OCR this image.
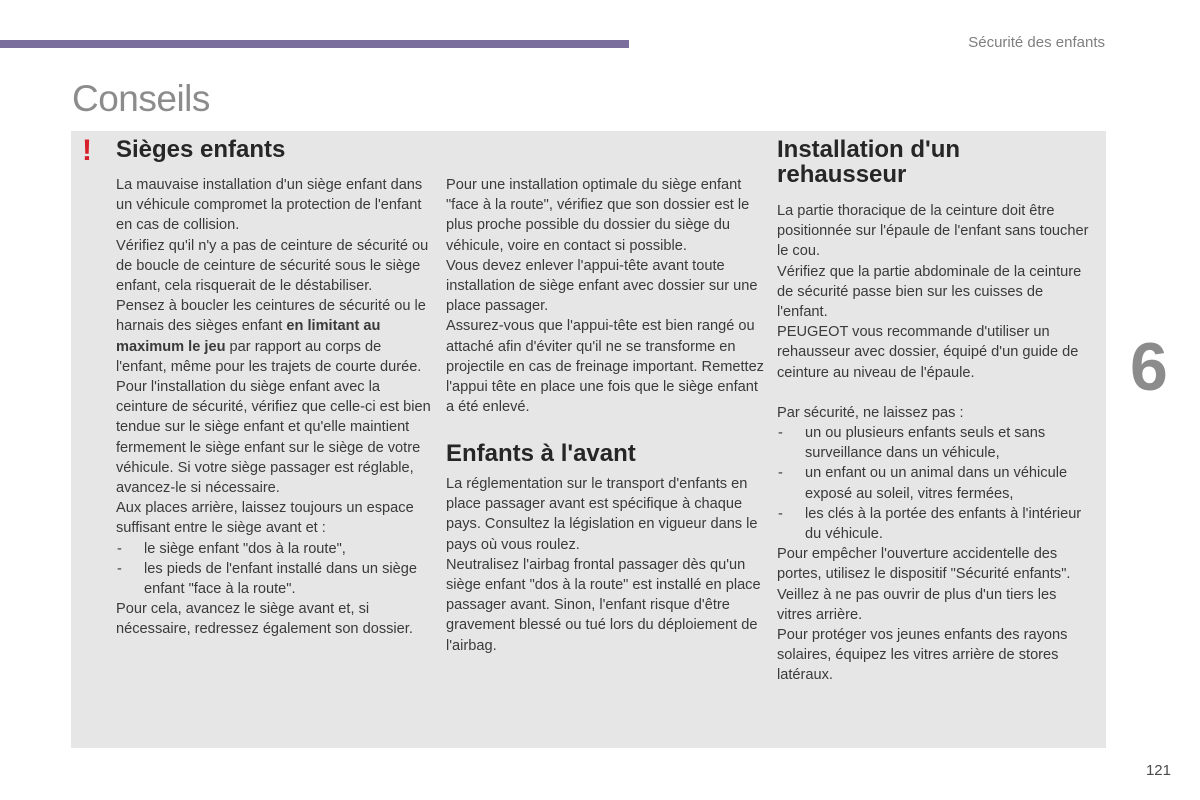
Sécurité des enfants
Conseils
! Sièges enfants

La mauvaise installation d'un siège enfant dans un véhicule compromet la protection de l'enfant en cas de collision.

Vérifiez qu'il n'y a pas de ceinture de sécurité ou de boucle de ceinture de sécurité sous le siège enfant, cela risquerait de le déstabiliser.

Pensez à boucler les ceintures de sécurité ou le harnais des sièges enfant en limitant au maximum le jeu par rapport au corps de l'enfant, même pour les trajets de courte durée.

Pour l'installation du siège enfant avec la ceinture de sécurité, vérifiez que celle-ci est bien tendue sur le siège enfant et qu'elle maintient fermement le siège enfant sur le siège de votre véhicule. Si votre siège passager est réglable, avancez-le si nécessaire.

Aux places arrière, laissez toujours un espace suffisant entre le siège avant et :

- le siège enfant "dos à la route",

- les pieds de l'enfant installé dans un siège enfant "face à la route".

Pour cela, avancez le siège avant et, si nécessaire, redressez également son dossier.

Pour une installation optimale du siège enfant "face à la route", vérifiez que son dossier est le plus proche possible du dossier du siège du véhicule, voire en contact si possible.

Vous devez enlever l'appui-tête avant toute installation de siège enfant avec dossier sur une place passager.

Assurez-vous que l'appui-tête est bien rangé ou attaché afin d'éviter qu'il ne se transforme en projectile en cas de freinage important. Remettez l'appui tête en place une fois que le siège enfant a été enlevé.

Enfants à l'avant

La réglementation sur le transport d'enfants en place passager avant est spécifique à chaque pays. Consultez la législation en vigueur dans le pays où vous roulez.

Neutralisez l'airbag frontal passager dès qu'un siège enfant "dos à la route" est installé en place passager avant. Sinon, l'enfant risque d'être gravement blessé ou tué lors du déploiement de l'airbag.

Installation d'un rehausseur

La partie thoracique de la ceinture doit être positionnée sur l'épaule de l'enfant sans toucher le cou.

Vérifiez que la partie abdominale de la ceinture de sécurité passe bien sur les cuisses de l'enfant.

PEUGEOT vous recommande d'utiliser un rehausseur avec dossier, équipé d'un guide de ceinture au niveau de l'épaule.

Par sécurité, ne laissez pas :

- un ou plusieurs enfants seuls et sans surveillance dans un véhicule,

- un enfant ou un animal dans un véhicule exposé au soleil, vitres fermées,

- les clés à la portée des enfants à l'intérieur du véhicule.

Pour empêcher l'ouverture accidentelle des portes, utilisez le dispositif "Sécurité enfants".

Veillez à ne pas ouvrir de plus d'un tiers les vitres arrière.

Pour protéger vos jeunes enfants des rayons solaires, équipez les vitres arrière de stores latéraux.

6
121
